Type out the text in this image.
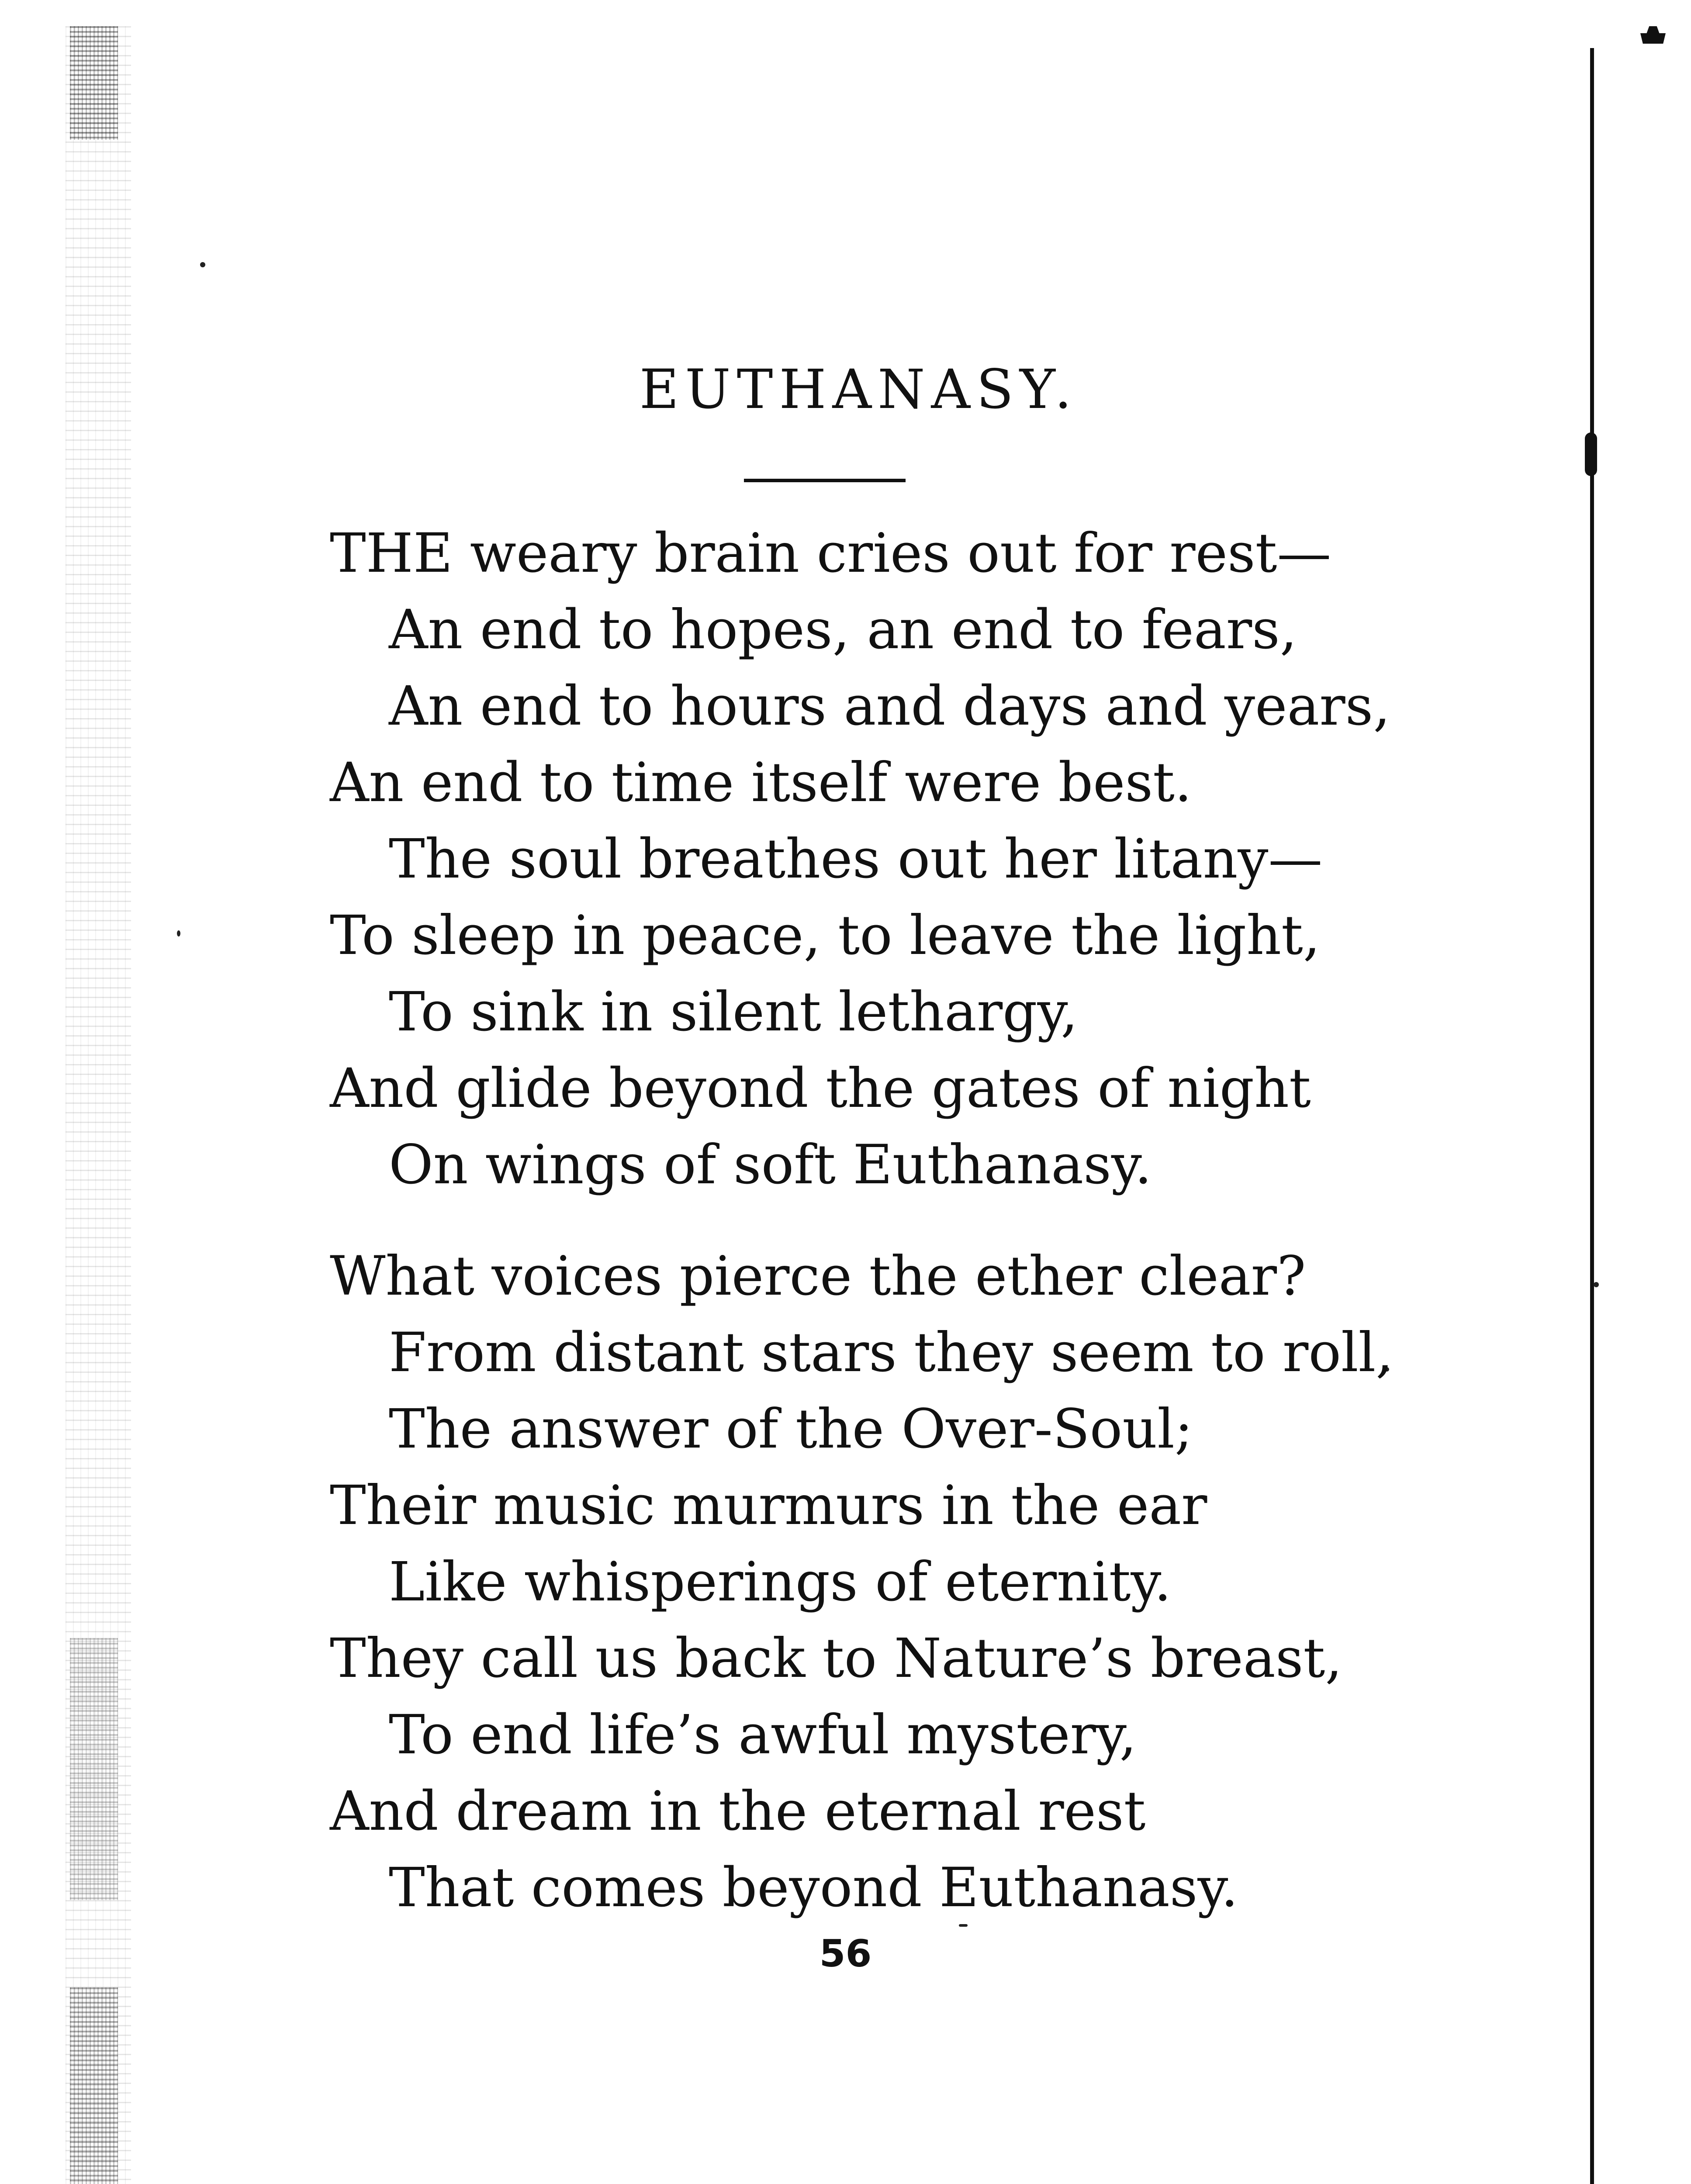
EUTHANASY.
THE weary brain cries out for rest—
An end to hopes, an end to fears,
An end to hours and days and years,
An end to time itself were best.
The soul breathes out her litany—
To sleep in peace, to leave the light,
To sink in silent lethargy,
And glide beyond the gates of night
On wings of soft Euthanasy.
What voices pierce the ether clear?
From distant stars they seem to roll,
The answer of the Over-Soul;
Their music murmurs in the ear
Like whisperings of eternity.
They call us back to Nature’s breast,
To end life’s awful mystery,
And dream in the eternal rest
That comes beyond Euthanasy.
56
